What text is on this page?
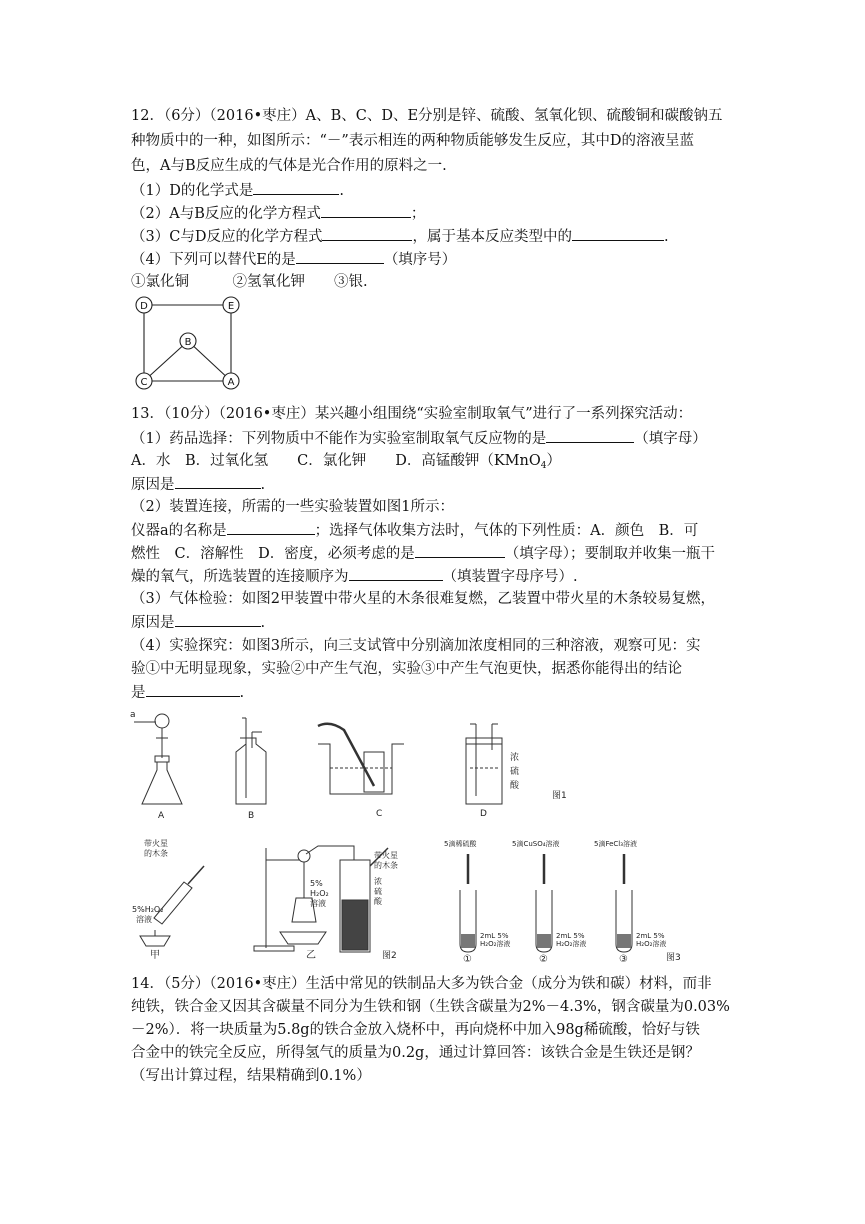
12．（6分）（2016•枣庄）A、B、C、D、E分别是锌、硫酸、氢氧化钡、硫酸铜和碳酸钠五
种物质中的一种，如图所示：“－”表示相连的两种物质能够发生反应，其中D的溶液呈蓝
色，A与B反应生成的气体是光合作用的原料之一.
（1）D的化学式是	.
（2）A与B反应的化学方程式	；
（3）C与D反应的化学方程式	，属于基本反应类型中的	.
（4）下列可以替代E的是	（填序号）
①氯化铜　　　②氢氧化钾　　③银.
D	E
B
C	A
13．（10分）（2016•枣庄）某兴趣小组围绕“实验室制取氧气”进行了一系列探究活动：
（1）药品选择：下列物质中不能作为实验室制取氧气反应物的是	（填字母）
A．水　B．过氧化氢　　C．氯化钾　　D．高锰酸钾（KMnO$_4$）
原因是	.
（2）装置连接，所需的一些实验装置如图1所示：
仪器a的名称是	；选择气体收集方法时，气体的下列性质：A．颜色　B．可
燃性　C．溶解性　D．密度，必须考虑的是	（填字母）；要制取并收集一瓶干
燥的氧气，所选装置的连接顺序为	（填装置字母序号）.
（3）气体检验：如图2甲装置中带火星的木条很难复燃，乙装置中带火星的木条较易复燃，
原因是	.
（4）实验探究：如图3所示，向三支试管中分别滴加浓度相同的三种溶液，观察可见：实
验①中无明显现象，实验②中产生气泡，实验③中产生气泡更快，据悉你能得出的结论
是	.
a
A	B	C	D
浓
硫
酸
图1
带火星
的木条
5%H₂O₂
溶液
甲
带火星
的木条
5%
H₂O₂
溶液
浓
硫
酸
乙	图2
5滴稀硫酸	5滴CuSO₄溶液	5滴FeCl₃溶液
2mL 5%
H₂O₂溶液
2mL 5%
H₂O₂溶液
2mL 5%
H₂O₂溶液
①	②	③	图3
14．（5分）（2016•枣庄）生活中常见的铁制品大多为铁合金（成分为铁和碳）材料，而非
纯铁，铁合金又因其含碳量不同分为生铁和钢（生铁含碳量为2%－4.3%，钢含碳量为0.03%
－2%）．将一块质量为5.8g的铁合金放入烧杯中，再向烧杯中加入98g稀硫酸，恰好与铁
合金中的铁完全反应，所得氢气的质量为0.2g，通过计算回答：该铁合金是生铁还是钢？
（写出计算过程，结果精确到0.1%）
